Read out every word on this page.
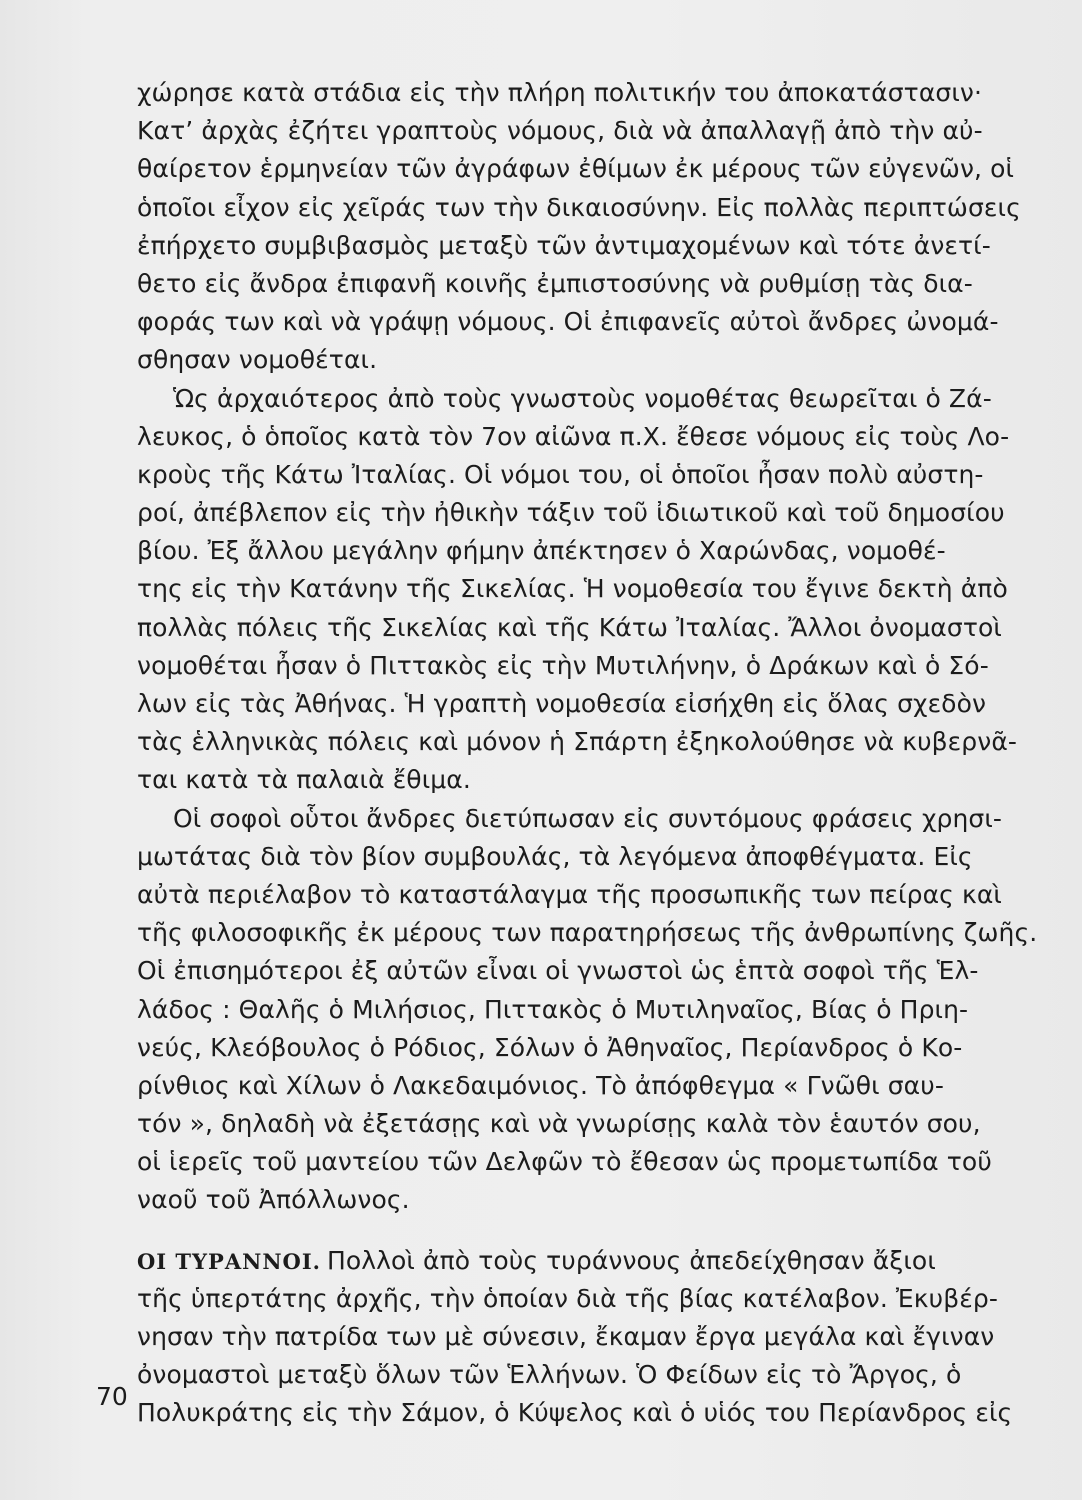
χώρησε κατὰ στάδια εἰς τὴν πλήρη πολιτικήν του ἀποκατάστασιν·
Κατ’ ἀρχὰς ἐζήτει γραπτοὺς νόμους, διὰ νὰ ἀπαλλαγῇ ἀπὸ τὴν αὐ-
θαίρετον ἑρμηνείαν τῶν ἀγράφων ἐθίμων ἐκ μέρους τῶν εὐγενῶν, οἱ
ὁποῖοι εἶχον εἰς χεῖράς των τὴν δικαιοσύνην. Εἰς πολλὰς περιπτώσεις
ἐπήρχετο συμβιβασμὸς μεταξὺ τῶν ἀντιμαχομένων καὶ τότε ἀνετί-
θετο εἰς ἄνδρα ἐπιφανῆ κοινῆς ἐμπιστοσύνης νὰ ρυθμίσῃ τὰς δια-
φοράς των καὶ νὰ γράψῃ νόμους. Οἱ ἐπιφανεῖς αὐτοὶ ἄνδρες ὠνομά-
σθησαν νομοθέται.
Ὡς ἀρχαιότερος ἀπὸ τοὺς γνωστοὺς νομοθέτας θεωρεῖται ὁ Ζά-
λευκος, ὁ ὁποῖος κατὰ τὸν 7ον αἰῶνα π.Χ. ἔθεσε νόμους εἰς τοὺς Λο-
κροὺς τῆς Κάτω Ἰταλίας. Οἱ νόμοι του, οἱ ὁποῖοι ἦσαν πολὺ αὐστη-
ροί, ἀπέβλεπον εἰς τὴν ἠθικὴν τάξιν τοῦ ἰδιωτικοῦ καὶ τοῦ δημοσίου
βίου. Ἐξ ἄλλου μεγάλην φήμην ἀπέκτησεν ὁ Χαρώνδας, νομοθέ-
της εἰς τὴν Κατάνην τῆς Σικελίας. Ἡ νομοθεσία του ἔγινε δεκτὴ ἀπὸ
πολλὰς πόλεις τῆς Σικελίας καὶ τῆς Κάτω Ἰταλίας. Ἄλλοι ὀνομαστοὶ
νομοθέται ἦσαν ὁ Πιττακὸς εἰς τὴν Μυτιλήνην, ὁ Δράκων καὶ ὁ Σό-
λων εἰς τὰς Ἀθήνας. Ἡ γραπτὴ νομοθεσία εἰσήχθη εἰς ὅλας σχεδὸν
τὰς ἑλληνικὰς πόλεις καὶ μόνον ἡ Σπάρτη ἐξηκολούθησε νὰ κυβερνᾶ-
ται κατὰ τὰ παλαιὰ ἔθιμα.
Οἱ σοφοὶ οὗτοι ἄνδρες διετύπωσαν εἰς συντόμους φράσεις χρησι-
μωτάτας διὰ τὸν βίον συμβουλάς, τὰ λεγόμενα ἀποφθέγματα. Εἰς
αὐτὰ περιέλαβον τὸ καταστάλαγμα τῆς προσωπικῆς των πείρας καὶ
τῆς φιλοσοφικῆς ἐκ μέρους των παρατηρήσεως τῆς ἀνθρωπίνης ζωῆς.
Οἱ ἐπισημότεροι ἐξ αὐτῶν εἶναι οἱ γνωστοὶ ὡς ἑπτὰ σοφοὶ τῆς Ἑλ-
λάδος : Θαλῆς ὁ Μιλήσιος, Πιττακὸς ὁ Μυτιληναῖος, Βίας ὁ Πριη-
νεύς, Κλεόβουλος ὁ Ρόδιος, Σόλων ὁ Ἀθηναῖος, Περίανδρος ὁ Κο-
ρίνθιος καὶ Χίλων ὁ Λακεδαιμόνιος. Τὸ ἀπόφθεγμα « Γνῶθι σαυ-
τόν », δηλαδὴ νὰ ἐξετάσῃς καὶ νὰ γνωρίσῃς καλὰ τὸν ἑαυτόν σου,
οἱ ἱερεῖς τοῦ μαντείου τῶν Δελφῶν τὸ ἔθεσαν ὡς προμετωπίδα τοῦ
ναοῦ τοῦ Ἀπόλλωνος.
ΟΙ ΤΥΡΑΝΝΟΙ. Πολλοὶ ἀπὸ τοὺς τυράννους ἀπεδείχθησαν ἄξιοι
τῆς ὑπερτάτης ἀρχῆς, τὴν ὁποίαν διὰ τῆς βίας κατέλαβον. Ἐκυβέρ-
νησαν τὴν πατρίδα των μὲ σύνεσιν, ἔκαμαν ἔργα μεγάλα καὶ ἔγιναν
ὀνομαστοὶ μεταξὺ ὅλων τῶν Ἑλλήνων. Ὁ Φείδων εἰς τὸ Ἄργος, ὁ
Πολυκράτης εἰς τὴν Σάμον, ὁ Κύψελος καὶ ὁ υἱός του Περίανδρος εἰς
70
